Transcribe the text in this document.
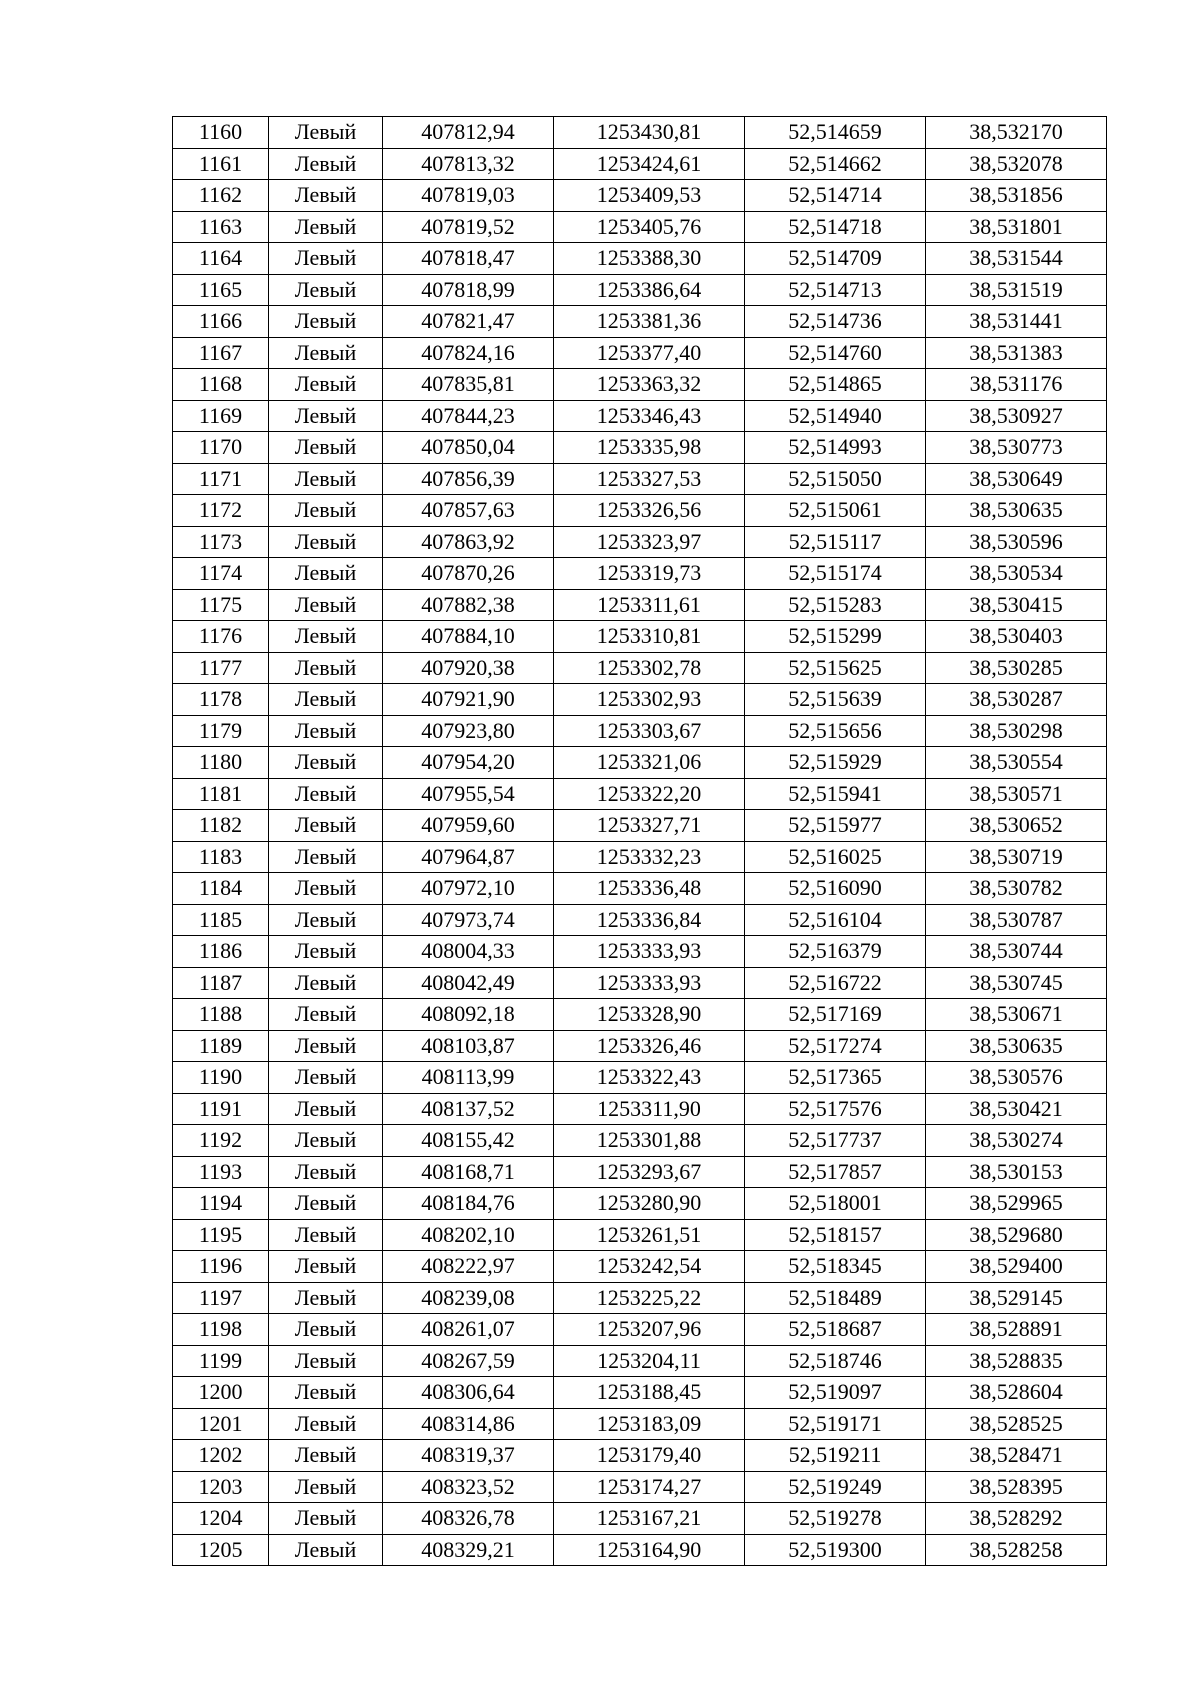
1160	Левый	407812,94	1253430,81	52,514659	38,532170
1161	Левый	407813,32	1253424,61	52,514662	38,532078
1162	Левый	407819,03	1253409,53	52,514714	38,531856
1163	Левый	407819,52	1253405,76	52,514718	38,531801
1164	Левый	407818,47	1253388,30	52,514709	38,531544
1165	Левый	407818,99	1253386,64	52,514713	38,531519
1166	Левый	407821,47	1253381,36	52,514736	38,531441
1167	Левый	407824,16	1253377,40	52,514760	38,531383
1168	Левый	407835,81	1253363,32	52,514865	38,531176
1169	Левый	407844,23	1253346,43	52,514940	38,530927
1170	Левый	407850,04	1253335,98	52,514993	38,530773
1171	Левый	407856,39	1253327,53	52,515050	38,530649
1172	Левый	407857,63	1253326,56	52,515061	38,530635
1173	Левый	407863,92	1253323,97	52,515117	38,530596
1174	Левый	407870,26	1253319,73	52,515174	38,530534
1175	Левый	407882,38	1253311,61	52,515283	38,530415
1176	Левый	407884,10	1253310,81	52,515299	38,530403
1177	Левый	407920,38	1253302,78	52,515625	38,530285
1178	Левый	407921,90	1253302,93	52,515639	38,530287
1179	Левый	407923,80	1253303,67	52,515656	38,530298
1180	Левый	407954,20	1253321,06	52,515929	38,530554
1181	Левый	407955,54	1253322,20	52,515941	38,530571
1182	Левый	407959,60	1253327,71	52,515977	38,530652
1183	Левый	407964,87	1253332,23	52,516025	38,530719
1184	Левый	407972,10	1253336,48	52,516090	38,530782
1185	Левый	407973,74	1253336,84	52,516104	38,530787
1186	Левый	408004,33	1253333,93	52,516379	38,530744
1187	Левый	408042,49	1253333,93	52,516722	38,530745
1188	Левый	408092,18	1253328,90	52,517169	38,530671
1189	Левый	408103,87	1253326,46	52,517274	38,530635
1190	Левый	408113,99	1253322,43	52,517365	38,530576
1191	Левый	408137,52	1253311,90	52,517576	38,530421
1192	Левый	408155,42	1253301,88	52,517737	38,530274
1193	Левый	408168,71	1253293,67	52,517857	38,530153
1194	Левый	408184,76	1253280,90	52,518001	38,529965
1195	Левый	408202,10	1253261,51	52,518157	38,529680
1196	Левый	408222,97	1253242,54	52,518345	38,529400
1197	Левый	408239,08	1253225,22	52,518489	38,529145
1198	Левый	408261,07	1253207,96	52,518687	38,528891
1199	Левый	408267,59	1253204,11	52,518746	38,528835
1200	Левый	408306,64	1253188,45	52,519097	38,528604
1201	Левый	408314,86	1253183,09	52,519171	38,528525
1202	Левый	408319,37	1253179,40	52,519211	38,528471
1203	Левый	408323,52	1253174,27	52,519249	38,528395
1204	Левый	408326,78	1253167,21	52,519278	38,528292
1205	Левый	408329,21	1253164,90	52,519300	38,528258
